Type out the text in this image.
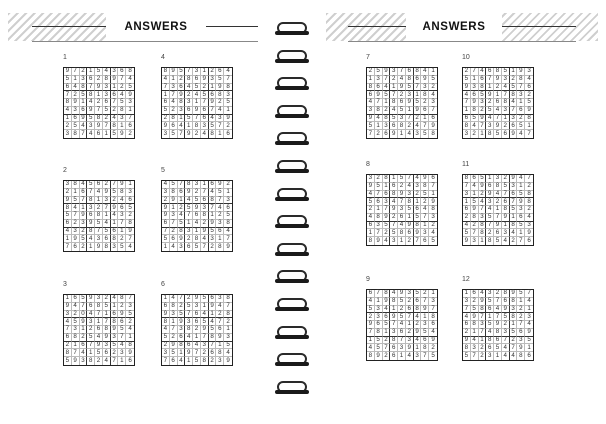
ANSWERS	ANSWERS
1
9 7 2 1 5 4 3 6 8
5 1 3 6 2 8 9 7 4
6 4 8 7 9 3 1 2 5
7 2 5 8 1 3 6 4 9
8 9 1 4 2 6 7 5 3
4 3 6 9 7 5 2 8 1
1 6 9 5 8 2 4 3 7
2 5 4 3 9 7 8 1 6
3 8 7 4 6 1 5 9 2
2
3 8 4 5 6 2 7 9 1
2 1 6 7 4 9 5 8 3
9 5 7 8 1 3 2 4 6
8 4 1 3 2 7 9 6 5
5 7 9 6 8 1 4 3 2
6 2 3 9 5 4 1 7 8
4 3 2 8 7 5 6 1 9
1 9 5 4 3 6 8 2 7
7 6 2 1 9 8 3 5 4
3
1 6 5 9 3 2 4 8 7
9 4 7 6 8 5 1 2 3
3 2 0 4 7 1 6 9 5
4 5 9 3 1 7 8 6 2
7 3 1 2 6 8 9 5 4
6 8 2 5 4 9 3 7 1
2 1 6 7 9 3 5 4 8
8 7 4 1 5 6 2 3 9
5 9 3 8 2 4 7 1 6
4
8 9 5 7 3 1 2 6 4
4 1 2 8 6 9 3 5 7
7 3 6 4 5 2 1 9 8
1 7 9 2 4 5 6 8 3
6 4 8 3 1 7 9 2 5
5 2 3 6 9 6 7 4 1
2 8 1 5 7 6 4 3 9
9 6 4 1 8 3 5 7 2
3 5 7 9 2 4 8 1 6
5
4 5 7 8 3 1 6 9 2
3 8 6 9 2 7 4 5 1
2 9 1 4 5 6 8 7 3
9 1 2 5 9 3 7 4 6
9 3 4 7 6 8 1 2 5
6 7 5 1 4 2 9 3 8
7 2 8 3 1 9 5 6 4
5 6 9 2 8 4 3 1 7
1 4 3 6 5 7 2 8 9
6
1 4 7 2 9 5 6 3 8
6 8 2 5 3 1 9 4 7
9 3 5 7 6 4 1 2 8
8 1 9 3 6 5 4 7 2
4 7 3 8 2 9 5 6 1
5 2 6 4 1 7 8 9 3
2 9 8 6 4 3 7 1 5
3 5 1 9 7 2 6 8 4
7 6 4 1 5 8 2 3 9
7
2 5 9 3 7 6 8 4 1
1 3 7 2 4 8 6 9 5
8 6 4 1 9 5 7 3 2
6 9 5 7 2 3 1 8 4
4 7 1 8 6 9 5 2 3
3 8 2 4 5 1 9 6 7
9 4 8 5 3 7 2 1 6
5 1 3 6 8 2 4 7 9
7 2 6 9 1 4 3 5 8
8
3 2 8 1 5 7 4 9 6
9 5 1 6 2 4 3 8 7
4 7 6 8 9 3 2 5 1
5 6 3 4 7 8 1 2 9
2 1 7 9 3 5 6 4 8
4 8 9 2 6 1 5 7 3
6 3 5 7 4 9 8 1 2
1 7 2 5 8 6 9 3 4
8 9 4 3 1 2 7 6 5
9
6 7 8 4 9 3 5 2 1
4 1 9 8 5 2 6 7 3
5 3 4 1 2 6 8 9 7
2 3 6 9 5 7 4 1 8
9 6 5 7 4 1 2 3 6
7 8 1 3 6 2 9 5 4
1 5 2 8 7 3 4 6 9
4 5 7 6 3 9 1 8 2
8 9 2 6 1 4 3 7 5
10
2 7 4 6 8 5 1 9 3
5 1 6 7 9 3 2 8 4
9 3 8 1 2 4 5 7 6
4 6 5 9 1 7 8 3 2
7 9 3 2 6 8 4 1 5
1 8 2 5 4 3 7 6 9
6 5 9 4 7 1 3 2 8
8 4 7 3 9 2 6 5 1
3 2 1 8 5 6 9 4 7
11
8 6 5 1 3 2 9 4 7
7 4 9 6 8 5 3 1 2
3 1 2 9 4 7 6 5 8
1 5 4 3 2 6 7 9 8
6 9 7 4 1 8 5 3 2
2 8 3 5 7 9 1 6 4
4 2 8 7 9 1 8 5 3
5 7 8 2 6 3 4 1 9
9 3 1 8 5 4 2 7 6
12
1 6 4 3 2 8 9 5 7
3 2 9 5 7 6 8 1 4
7 5 8 6 4 9 3 2 1
4 9 7 1 7 5 8 2 3
6 8 3 5 9 2 1 7 4
2 1 7 4 8 3 5 6 9
9 4 1 8 6 7 2 3 5
8 3 2 6 5 4 7 9 1
5 7 2 3 1 4 4 8 6
